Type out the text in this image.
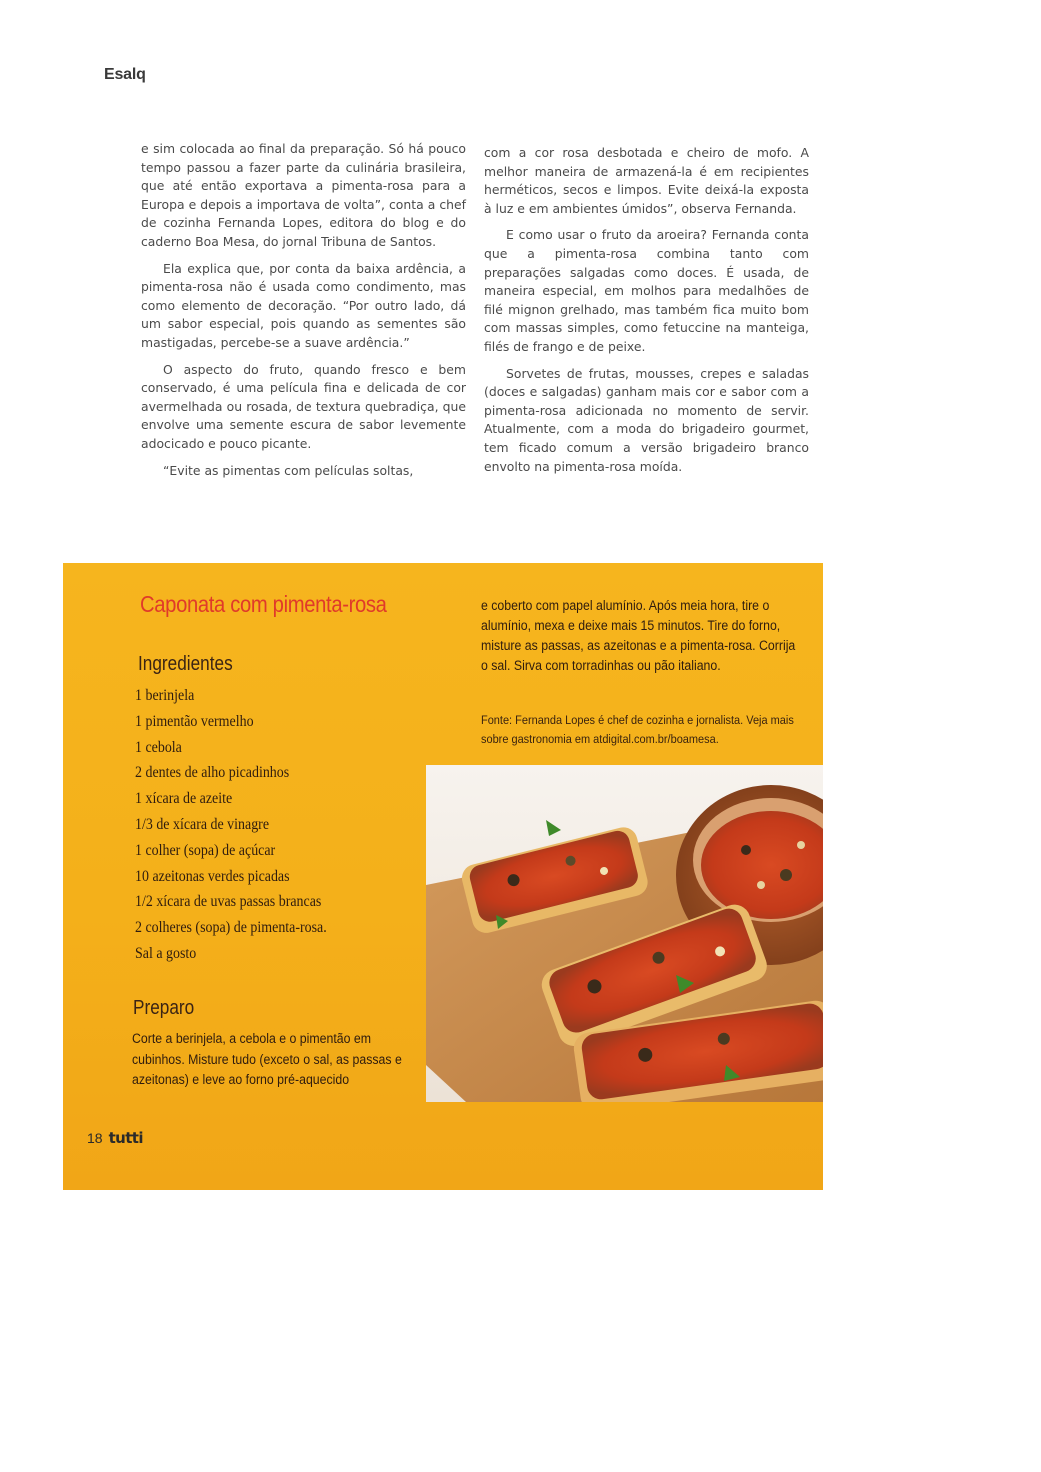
Esalq

e sim colocada ao final da preparação. Só há pouco tempo passou a fazer parte da culinária brasileira, que até então exportava a pimenta-rosa para a Europa e depois a importava de volta”, conta a chef de cozinha Fernanda Lopes, editora do blog e do caderno Boa Mesa, do jornal Tribuna de Santos.

Ela explica que, por conta da baixa ardência, a pimenta-rosa não é usada como condimento, mas como elemento de decoração. “Por outro lado, dá um sabor especial, pois quando as sementes são mastigadas, percebe-se a suave ardência.”

O aspecto do fruto, quando fresco e bem conservado, é uma película fina e delicada de cor avermelhada ou rosada, de textura quebradiça, que envolve uma semente escura de sabor levemente adocicado e pouco picante.

“Evite as pimentas com películas soltas,

com a cor rosa desbotada e cheiro de mofo. A melhor maneira de armazená-la é em recipientes herméticos, secos e limpos. Evite deixá-la exposta à luz e em ambientes úmidos”, observa Fernanda.

E como usar o fruto da aroeira? Fernanda conta que a pimenta-rosa combina tanto com preparações salgadas como doces. É usada, de maneira especial, em molhos para medalhões de filé mignon grelhado, mas também fica muito bom com massas simples, como fetuccine na manteiga, filés de frango e de peixe.

Sorvetes de frutas, mousses, crepes e saladas (doces e salgadas) ganham mais cor e sabor com a pimenta-rosa adicionada no momento de servir. Atualmente, com a moda do brigadeiro gourmet, tem ficado comum a versão brigadeiro branco envolto na pimenta-rosa moída.

Caponata com pimenta-rosa
Ingredientes
1 berinjela
1 pimentão vermelho
1 cebola
2 dentes de alho picadinhos
1 xícara de azeite
1/3 de xícara de vinagre
1 colher (sopa) de açúcar
10 azeitonas verdes picadas
1/2 xícara de uvas passas brancas
2 colheres (sopa) de pimenta-rosa.
Sal a gosto
Preparo
Corte a berinjela, a cebola e o pimentão em cubinhos. Misture tudo (exceto o sal, as passas e azeitonas) e leve ao forno pré-aquecido
e coberto com papel alumínio. Após meia hora, tire o alumínio, mexa e deixe mais 15 minutos. Tire do forno, misture as passas, as azeitonas e a pimenta-rosa. Corrija o sal. Sirva com torradinhas ou pão italiano.
Fonte: Fernanda Lopes é chef de cozinha e jornalista. Veja mais sobre gastronomia em atdigital.com.br/boamesa.
18 tutti
